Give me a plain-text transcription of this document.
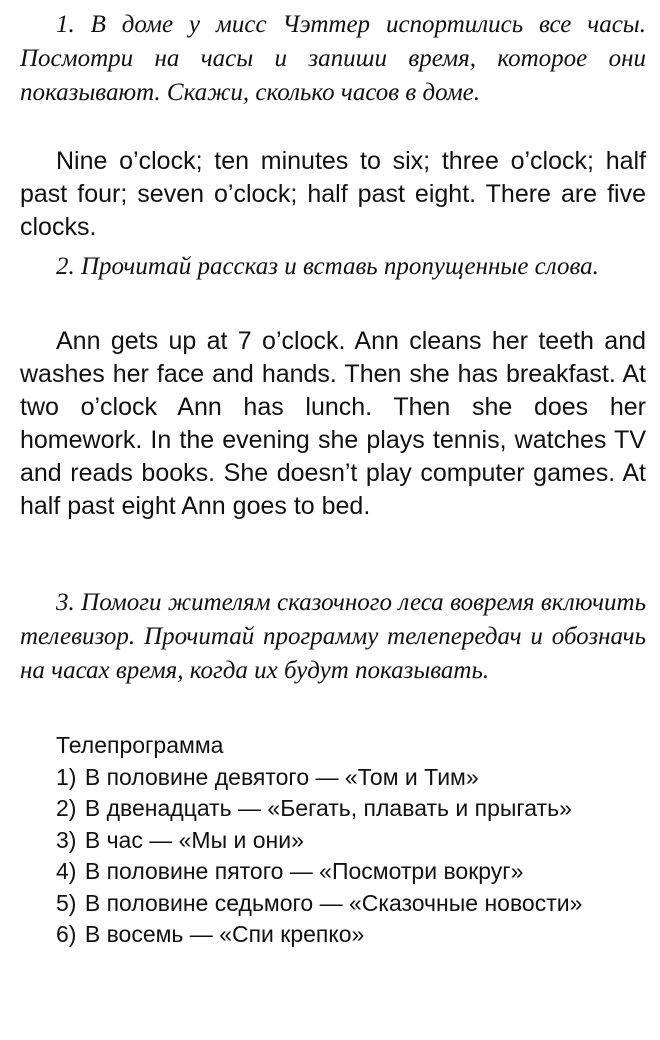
1. В доме у мисс Чэттер испортились все часы. Посмотри на часы и запиши время, которое они показывают. Скажи, сколько часов в доме.

Nine o’clock; ten minutes to six; three o’clock; half past four; seven o’clock; half past eight. There are five clocks.

2. Прочитай рассказ и вставь пропущенные слова.

Ann gets up at 7 o’clock. Ann cleans her teeth and washes her face and hands. Then she has breakfast. At two o’clock Ann has lunch. Then she does her homework. In the evening she plays tennis, watches TV and reads books. She doesn’t play computer games. At half past eight Ann goes to bed.

3. Помоги жителям сказочного леса вовремя включить телевизор. Прочитай программу телепередач и обозначь на часах время, когда их будут показывать.

Телепрограмма

1) В половине девятого — «Том и Тим»
2) В двенадцать — «Бегать, плавать и прыгать»
3) В час — «Мы и они»
4) В половине пятого — «Посмотри вокруг»
5) В половине седьмого — «Сказочные новости»
6) В восемь — «Спи крепко»
